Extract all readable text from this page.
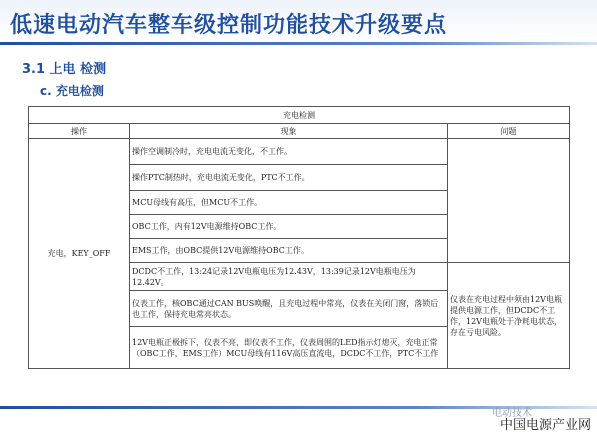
低速电动汽车整车级控制功能技术升级要点
3.1 上电 检测
c. 充电检测
充电检测		
操作	现象	问题
充电，KEY_OFF	操作空调制冷时，充电电流无变化，不工作。	
	操作PTC制热时，充电电流无变化，PTC不工作。	
	MCU母线有高压，但MCU不工作。	
	OBC工作，内有12V电源维持OBC工作。	
	EMS工作，由OBC提供12V电源维持OBC工作。	
	DCDC不工作，13:24记录12V电瓶电压为12.43V，13:39记录12V电瓶电压为12.42V。	仪表在充电过程中须由12V电瓶提供电源工作，但DCDC不工作，12V电瓶处于净耗电状态，存在亏电风险。
	仪表工作，核OBC通过CAN BUS唤醒，且充电过程中常亮，仪表在关闭门窗，落锁后也工作，保持充电常亮状态。	
	12V电瓶正极拆下，仪表不亮，即仪表不工作，仪表周围的LED指示灯熄灭，充电正常（OBC工作，EMS工作）MCU母线有116V高压直流电，DCDC不工作，PTC不工作	
电动技术
中国电源产业网
